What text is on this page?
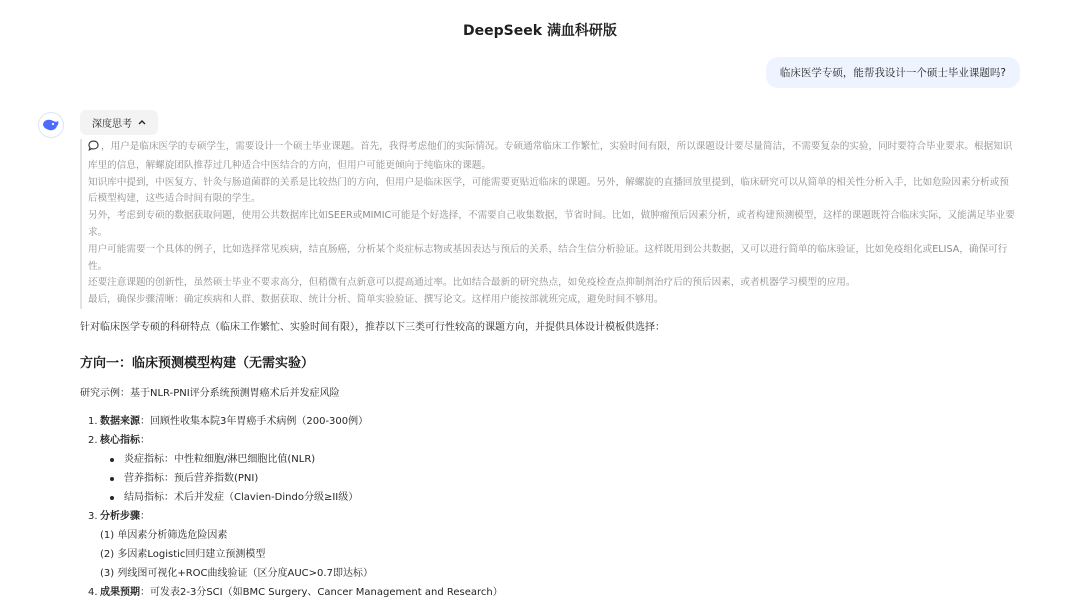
DeepSeek 满血科研版
临床医学专硕，能帮我设计一个硕士毕业课题吗?
深度思考

，用户是临床医学的专硕学生，需要设计一个硕士毕业课题。首先，我得考虑他们的实际情况。专硕通常临床工作繁忙，实验时间有限，所以课题设计要尽量简洁，不需要复杂的实验，同时要符合毕业要求。根据知识库里的信息，解螺旋团队推荐过几种适合中医结合的方向，但用户可能更倾向于纯临床的课题。

知识库中提到，中医复方、针灸与肠道菌群的关系是比较热门的方向，但用户是临床医学，可能需要更贴近临床的课题。另外，解螺旋的直播回放里提到，临床研究可以从简单的相关性分析入手，比如危险因素分析或预后模型构建，这些适合时间有限的学生。

另外，考虑到专硕的数据获取问题，使用公共数据库比如SEER或MIMIC可能是个好选择，不需要自己收集数据，节省时间。比如，做肿瘤预后因素分析，或者构建预测模型，这样的课题既符合临床实际，又能满足毕业要求。

用户可能需要一个具体的例子，比如选择常见疾病，结直肠癌，分析某个炎症标志物或基因表达与预后的关系，结合生信分析验证。这样既用到公共数据，又可以进行简单的临床验证，比如免疫组化或ELISA，确保可行性。

还要注意课题的创新性，虽然硕士毕业不要求高分，但稍微有点新意可以提高通过率。比如结合最新的研究热点，如免疫检查点抑制剂治疗后的预后因素，或者机器学习模型的应用。

最后，确保步骤清晰：确定疾病和人群、数据获取、统计分析、简单实验验证、撰写论文。这样用户能按部就班完成，避免时间不够用。

针对临床医学专硕的科研特点（临床工作繁忙、实验时间有限），推荐以下三类可行性较高的课题方向，并提供具体设计模板供选择：
方向一：临床预测模型构建（无需实验）
研究示例：基于NLR-PNI评分系统预测胃癌术后并发症风险
1. 数据来源 ：回顾性收集本院3年胃癌手术病例（200-300例）
2. 核心指标 ：
炎症指标：中性粒细胞/淋巴细胞比值(NLR)
营养指标：预后营养指数(PNI)
结局指标：术后并发症（Clavien-Dindo分级≥II级）
3. 分析步骤 ：
(1) 单因素分析筛选危险因素
(2) 多因素Logistic回归建立预测模型
(3) 列线图可视化+ROC曲线验证（区分度AUC>0.7即达标）
4. 成果预期 ：可发表2-3分SCI（如BMC Surgery、Cancer Management and Research）
